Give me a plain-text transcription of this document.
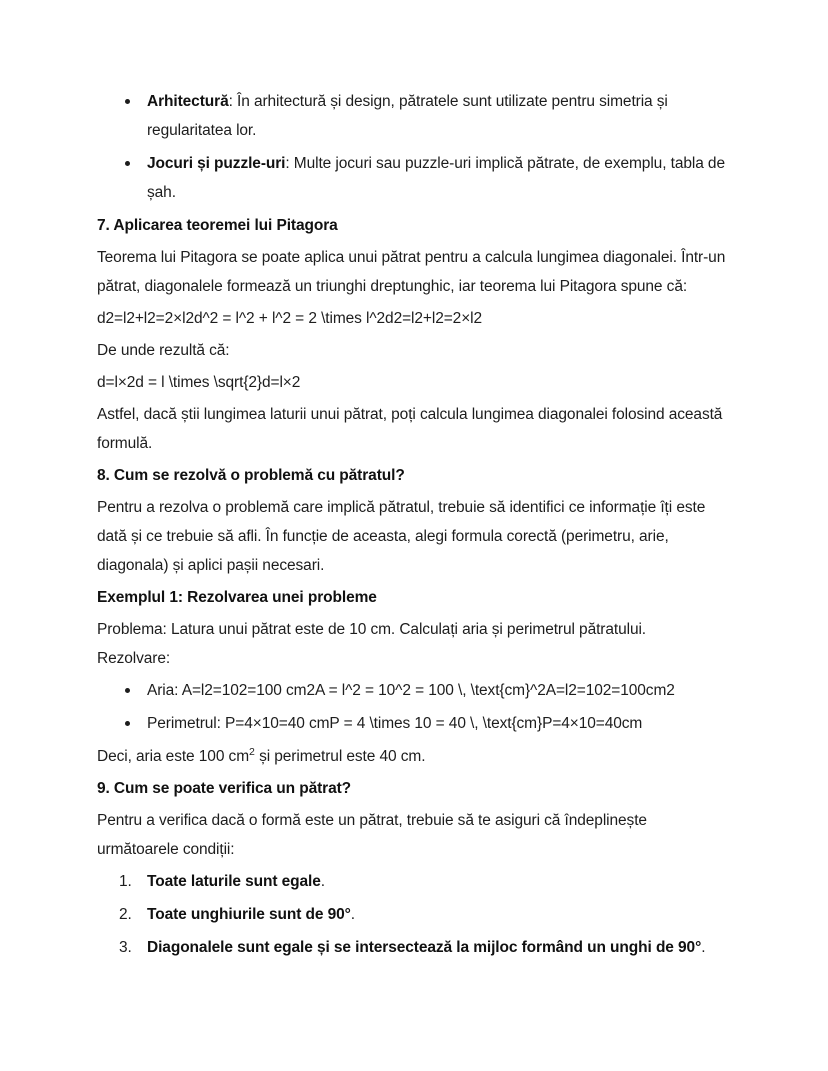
Arhitectură: În arhitectură și design, pătratele sunt utilizate pentru simetria și regularitatea lor.
Jocuri și puzzle-uri: Multe jocuri sau puzzle-uri implică pătrate, de exemplu, tabla de șah.

7. Aplicarea teoremei lui Pitagora

Teorema lui Pitagora se poate aplica unui pătrat pentru a calcula lungimea diagonalei. Într-un pătrat, diagonalele formează un triunghi dreptunghic, iar teorema lui Pitagora spune că:

d2=l2+l2=2×l2d^2 = l^2 + l^2 = 2 \times l^2d2=l2+l2=2×l2

De unde rezultă că:

d=l×2d = l \times \sqrt{2}d=l×2

Astfel, dacă știi lungimea laturii unui pătrat, poți calcula lungimea diagonalei folosind această formulă.

8. Cum se rezolvă o problemă cu pătratul?

Pentru a rezolva o problemă care implică pătratul, trebuie să identifici ce informație îți este dată și ce trebuie să afli. În funcție de aceasta, alegi formula corectă (perimetru, arie, diagonala) și aplici pașii necesari.

Exemplul 1: Rezolvarea unei probleme

Problema: Latura unui pătrat este de 10 cm. Calculați aria și perimetrul pătratului.
Rezolvare:

Aria: A=l2=102=100 cm2A = l^2 = 10^2 = 100 \, \text{cm}^2A=l2=102=100cm2
Perimetrul: P=4×10=40 cmP = 4 \times 10 = 40 \, \text{cm}P=4×10=40cm

Deci, aria este 100 $cm^2$ și perimetrul este 40 cm.

9. Cum se poate verifica un pătrat?

Pentru a verifica dacă o formă este un pătrat, trebuie să te asiguri că îndeplinește următoarele condiții:

1. Toate laturile sunt egale.
2. Toate unghiurile sunt de 90°.
3. Diagonalele sunt egale și se intersectează la mijloc formând un unghi de 90°.
